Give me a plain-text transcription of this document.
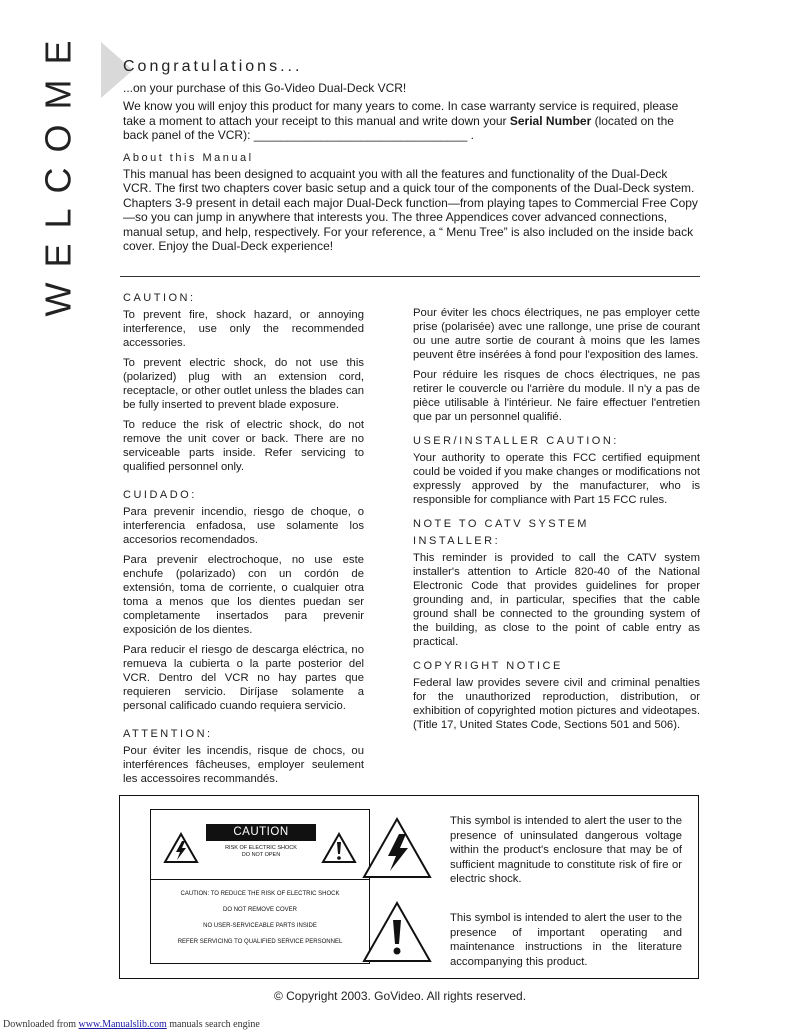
WELCOME	Congratulations...

...on your purchase of this Go-Video Dual-Deck VCR!

We know you will enjoy this product for many years to come. In case warranty service is required, please take a moment to attach your receipt to this manual and write down your Serial Number (located on the back panel of the VCR): ________________________________ .

About this Manual

This manual has been designed to acquaint you with all the features and functionality of the Dual-Deck VCR. The first two chapters cover basic setup and a quick tour of the components of the Dual-Deck system. Chapters 3-9 present in detail each major Dual-Deck function—from playing tapes to Commercial Free Copy—so you can jump in anywhere that interests you. The three Appendices cover advanced connections, manual setup, and help, respectively. For your reference, a “ Menu Tree” is also included on the inside back cover. Enjoy the Dual-Deck experience!

CAUTION:

To prevent fire, shock hazard, or annoying interference, use only the recommended accessories.

To prevent electric shock, do not use this (polarized) plug with an extension cord, receptacle, or other outlet unless the blades can be fully inserted to prevent blade exposure.

To reduce the risk of electric shock, do not remove the unit cover or back. There are no serviceable parts inside. Refer servicing to qualified personnel only.

CUIDADO:

Para prevenir incendio, riesgo de choque, o interferencia enfadosa, use solamente los accesorios recomendados.

Para prevenir electrochoque, no use este enchufe (polarizado) con un cordón de extensión, toma de corriente, o cualquier otra toma a menos que los dientes puedan ser completamente insertados para prevenir exposición de los dientes.

Para reducir el riesgo de descarga eléctrica, no remueva la cubierta o la parte posterior del VCR. Dentro del VCR no hay partes que requieren servicio. Diríjase solamente a personal calificado cuando requiera servicio.

ATTENTION:

Pour éviter les incendis, risque de chocs, ou interférences fâcheuses, employer seulement les accessoires recommandés.

Pour éviter les chocs électriques, ne pas employer cette prise (polarisée) avec une rallonge, une prise de courant ou une autre sortie de courant à moins que les lames peuvent être insérées à fond pour l'exposition des lames.

Pour réduire les risques de chocs électriques, ne pas retirer le couvercle ou l'arrière du module. Il n'y a pas de pièce utilisable à l'intérieur. Ne faire effectuer l'entretien que par un personnel qualifié.

USER/INSTALLER CAUTION:

Your authority to operate this FCC certified equipment could be voided if you make changes or modifications not expressly approved by the manufacturer, who is responsible for compliance with Part 15 FCC rules.

NOTE TO CATV SYSTEM
INSTALLER:

This reminder is provided to call the CATV system installer's attention to Article 820-40 of the National Electronic Code that provides guidelines for proper grounding and, in particular, specifies that the cable ground shall be connected to the grounding system of the building, as close to the point of cable entry as practical.

COPYRIGHT NOTICE

Federal law provides severe civil and criminal penalties for the unauthorized reproduction, distribution, or exhibition of copyrighted motion pictures and videotapes. (Title 17, United States Code, Sections 501 and 506).

CAUTION
RISK OF ELECTRIC SHOCK
DO NOT OPEN
CAUTION: TO REDUCE THE RISK OF ELECTRIC SHOCK
DO NOT REMOVE COVER
NO USER-SERVICEABLE PARTS INSIDE
REFER SERVICING TO QUALIFIED SERVICE PERSONNEL
This symbol is intended to alert the user to the presence of uninsulated dangerous voltage within the product's enclosure that may be of sufficient magnitude to constitute risk of fire or electric shock.
This symbol is intended to alert the user to the presence of important operating and maintenance instructions in the literature accompanying this product.
© Copyright 2003. GoVideo. All rights reserved.
Downloaded from www.Manualslib.com manuals search engine
